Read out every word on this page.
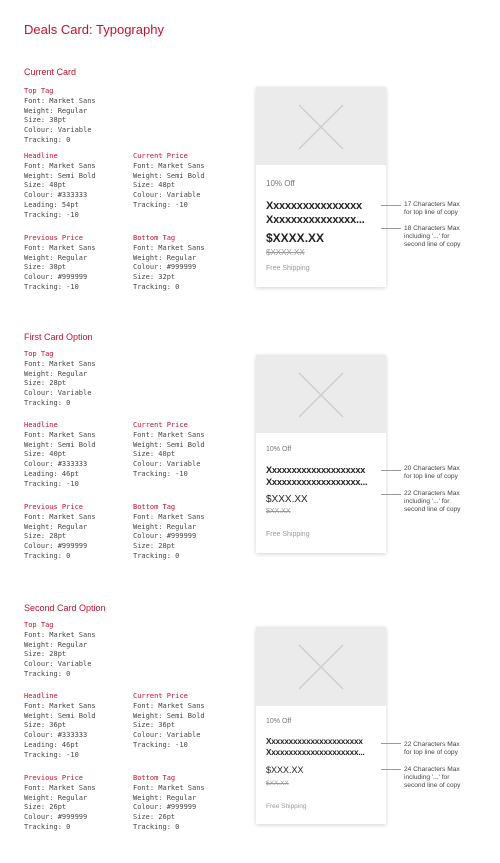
Deals Card: Typography
Current Card
Top Tag
Font: Market Sans
Weight: Regular
Size: 38pt
Colour: Variable
Tracking: 0
Headline
Font: Market Sans
Weight: Semi Bold
Size: 48pt
Colour: #333333
Leading: 54pt
Tracking: -10
Current Price
Font: Market Sans
Weight: Semi Bold
Size: 48pt
Colour: Variable
Tracking: -10
Previous Price
Font: Market Sans
Weight: Regular
Size: 38pt
Colour: #999999
Tracking: -10
Bottom Tag
Font: Market Sans
Weight: Regular
Colour: #999999
Size: 32pt
Tracking: 0
10% Off
Xxxxxxxxxxxxxxxx
Xxxxxxxxxxxxxxx...
$XXXX.XX
$XXXX.XX
Free Shipping
17 Characters Max
for top line of copy
18 Characters Max
including '...' for
second line of copy
First Card Option
Top Tag
Font: Market Sans
Weight: Regular
Size: 28pt
Colour: Variable
Tracking: 0
Headline
Font: Market Sans
Weight: Semi Bold
Size: 40pt
Colour: #333333
Leading: 46pt
Tracking: -10
Current Price
Font: Market Sans
Weight: Semi Bold
Size: 40pt
Colour: Variable
Tracking: -10
Previous Price
Font: Market Sans
Weight: Regular
Size: 28pt
Colour: #999999
Tracking: 0
Bottom Tag
Font: Market Sans
Weight: Regular
Colour: #999999
Size: 28pt
Tracking: 0
10% Off
Xxxxxxxxxxxxxxxxxxxx
Xxxxxxxxxxxxxxxxxxx...
$XXX.XX
$XX.XX
Free Shipping
20 Characters Max
for top line of copy
22 Characters Max
including '...' for
second line of copy
Second Card Option
Top Tag
Font: Market Sans
Weight: Regular
Size: 28pt
Colour: Variable
Tracking: 0
Headline
Font: Market Sans
Weight: Semi Bold
Size: 36pt
Colour: #333333
Leading: 46pt
Tracking: -10
Current Price
Font: Market Sans
Weight: Semi Bold
Size: 36pt
Colour: Variable
Tracking: -10
Previous Price
Font: Market Sans
Weight: Regular
Size: 26pt
Colour: #999999
Tracking: 0
Bottom Tag
Font: Market Sans
Weight: Regular
Colour: #999999
Size: 26pt
Tracking: 0
10% Off
Xxxxxxxxxxxxxxxxxxxxxx
Xxxxxxxxxxxxxxxxxxxxx...
$XXX.XX
$XX.XX
Free Shipping
22 Characters Max
for top line of copy
24 Characters Max
including '...' for
second line of copy
